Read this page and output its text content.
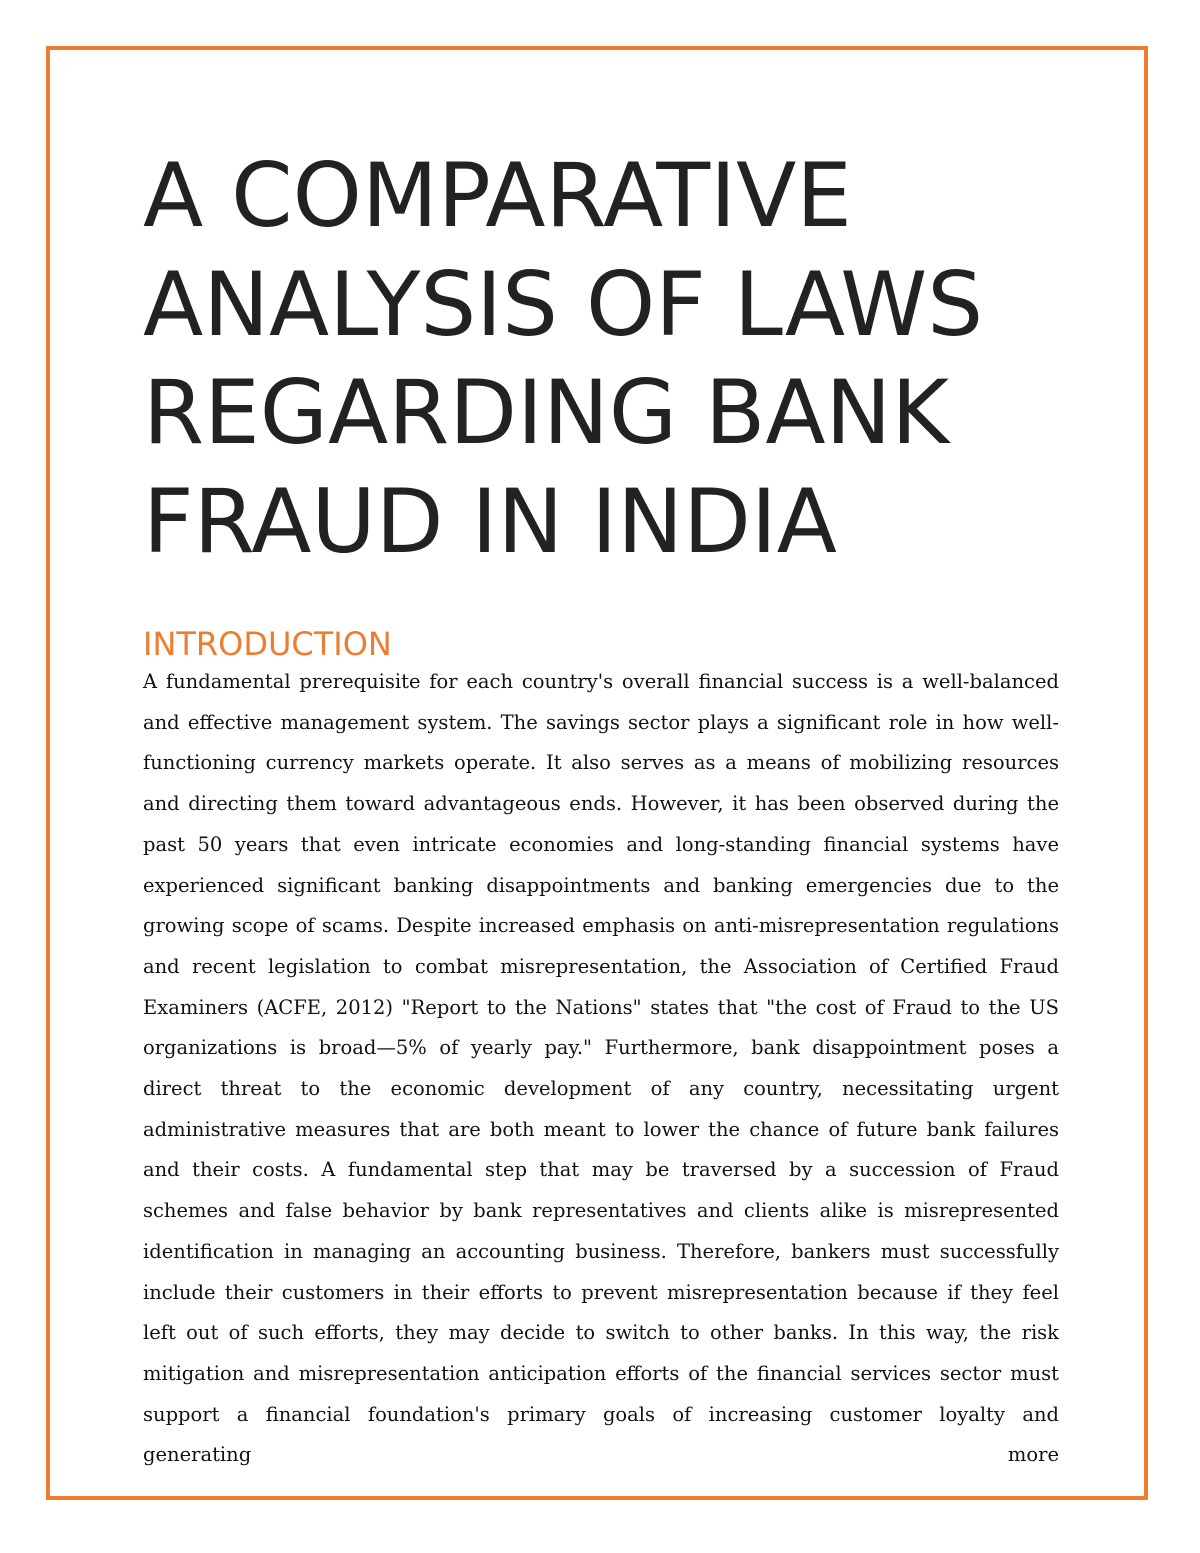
A COMPARATIVE
ANALYSIS OF LAWS
REGARDING BANK
FRAUD IN INDIA
INTRODUCTION

A fundamental prerequisite for each country's overall financial success is a well-balanced and effective management system. The savings sector plays a significant role in how well-functioning currency markets operate. It also serves as a means of mobilizing resources and directing them toward advantageous ends. However, it has been observed during the past 50 years that even intricate economies and long-standing financial systems have experienced significant banking disappointments and banking emergencies due to the growing scope of scams. Despite increased emphasis on anti-misrepresentation regulations and recent legislation to combat misrepresentation, the Association of Certified Fraud Examiners (ACFE, 2012) "Report to the Nations" states that "the cost of Fraud to the US organizations is broad—5% of yearly pay." Furthermore, bank disappointment poses a direct threat to the economic development of any country, necessitating urgent administrative measures that are both meant to lower the chance of future bank failures and their costs. A fundamental step that may be traversed by a succession of Fraud schemes and false behavior by bank representatives and clients alike is misrepresented identification in managing an accounting business. Therefore, bankers must successfully include their customers in their efforts to prevent misrepresentation because if they feel left out of such efforts, they may decide to switch to other banks. In this way, the risk mitigation and misrepresentation anticipation efforts of the financial services sector must support a financial foundation's primary goals of increasing customer loyalty and generating more
